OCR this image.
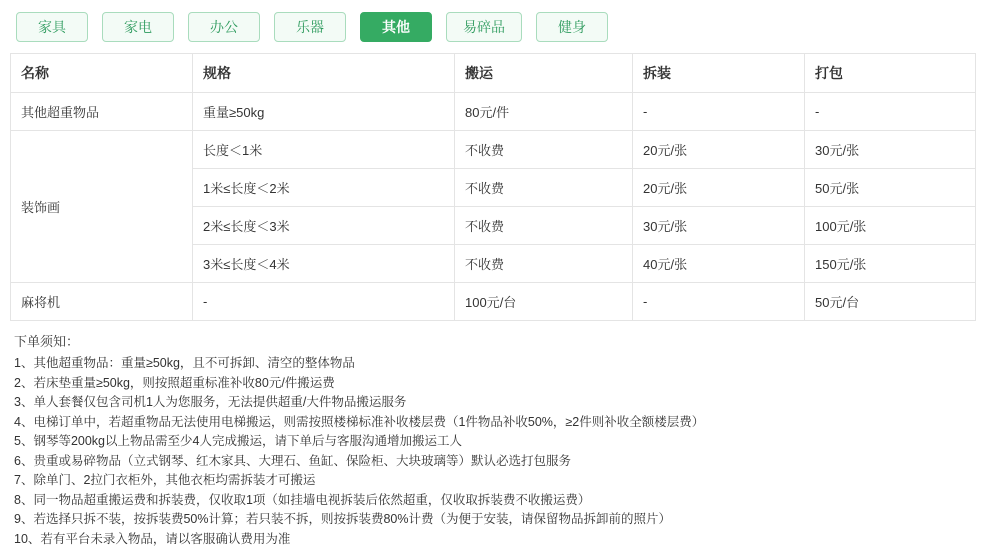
家具	家电	办公	乐器	其他	易碎品	健身
名称	规格	搬运	拆装	打包
其他超重物品	重量≥50kg	80元/件	-	-
装饰画	长度＜1米	不收费	20元/张	30元/张
	1米≤长度＜2米	不收费	20元/张	50元/张
	2米≤长度＜3米	不收费	30元/张	100元/张
	3米≤长度＜4米	不收费	40元/张	150元/张
麻将机	-	100元/台	-	50元/台
下单须知：
1、其他超重物品：重量≥50kg，且不可拆卸、清空的整体物品
2、若床垫重量≥50kg，则按照超重标准补收80元/件搬运费
3、单人套餐仅包含司机1人为您服务，无法提供超重/大件物品搬运服务
4、电梯订单中，若超重物品无法使用电梯搬运，则需按照楼梯标准补收楼层费（1件物品补收50%，≥2件则补收全额楼层费）
5、钢琴等200kg以上物品需至少4人完成搬运，请下单后与客服沟通增加搬运工人
6、贵重或易碎物品（立式钢琴、红木家具、大理石、鱼缸、保险柜、大块玻璃等）默认必选打包服务
7、除单门、2拉门衣柜外，其他衣柜均需拆装才可搬运
8、同一物品超重搬运费和拆装费，仅收取1项（如挂墙电视拆装后依然超重，仅收取拆装费不收搬运费）
9、若选择只拆不装，按拆装费50%计算；若只装不拆，则按拆装费80%计费（为便于安装，请保留物品拆卸前的照片）
10、若有平台未录入物品，请以客服确认费用为准
